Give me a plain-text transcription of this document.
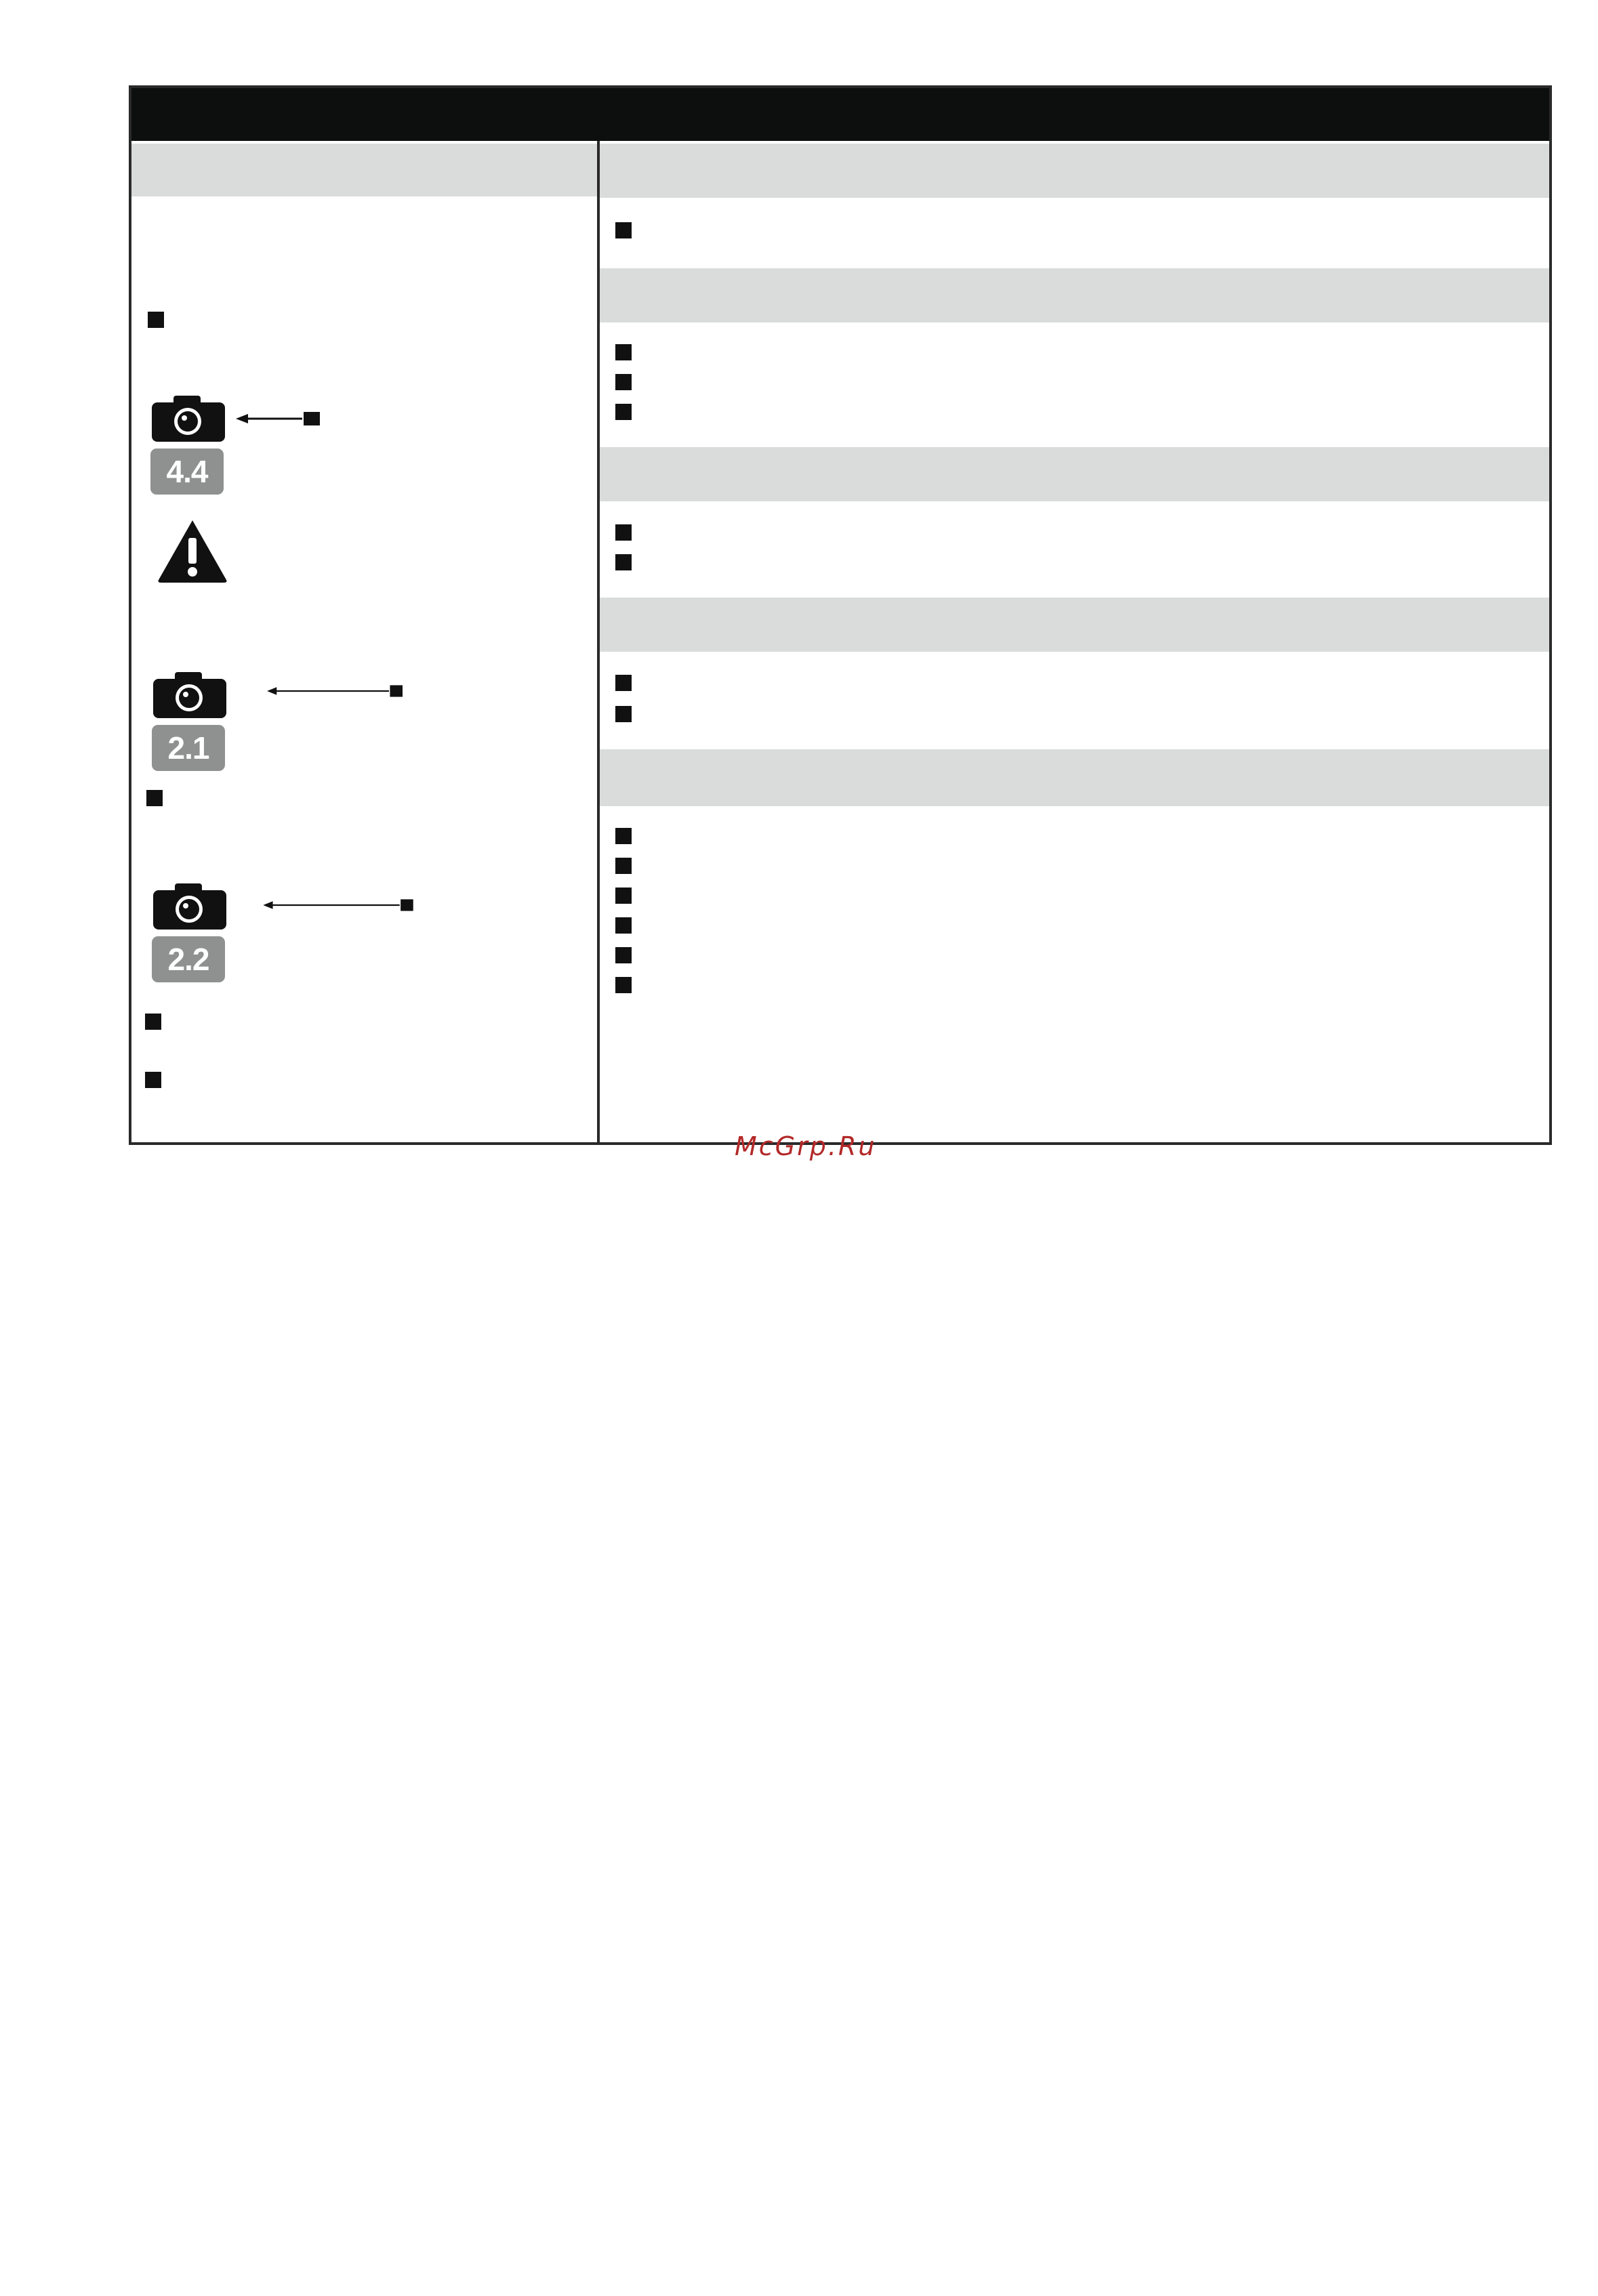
4.4
2.1
2.2
McGrp.Ru
